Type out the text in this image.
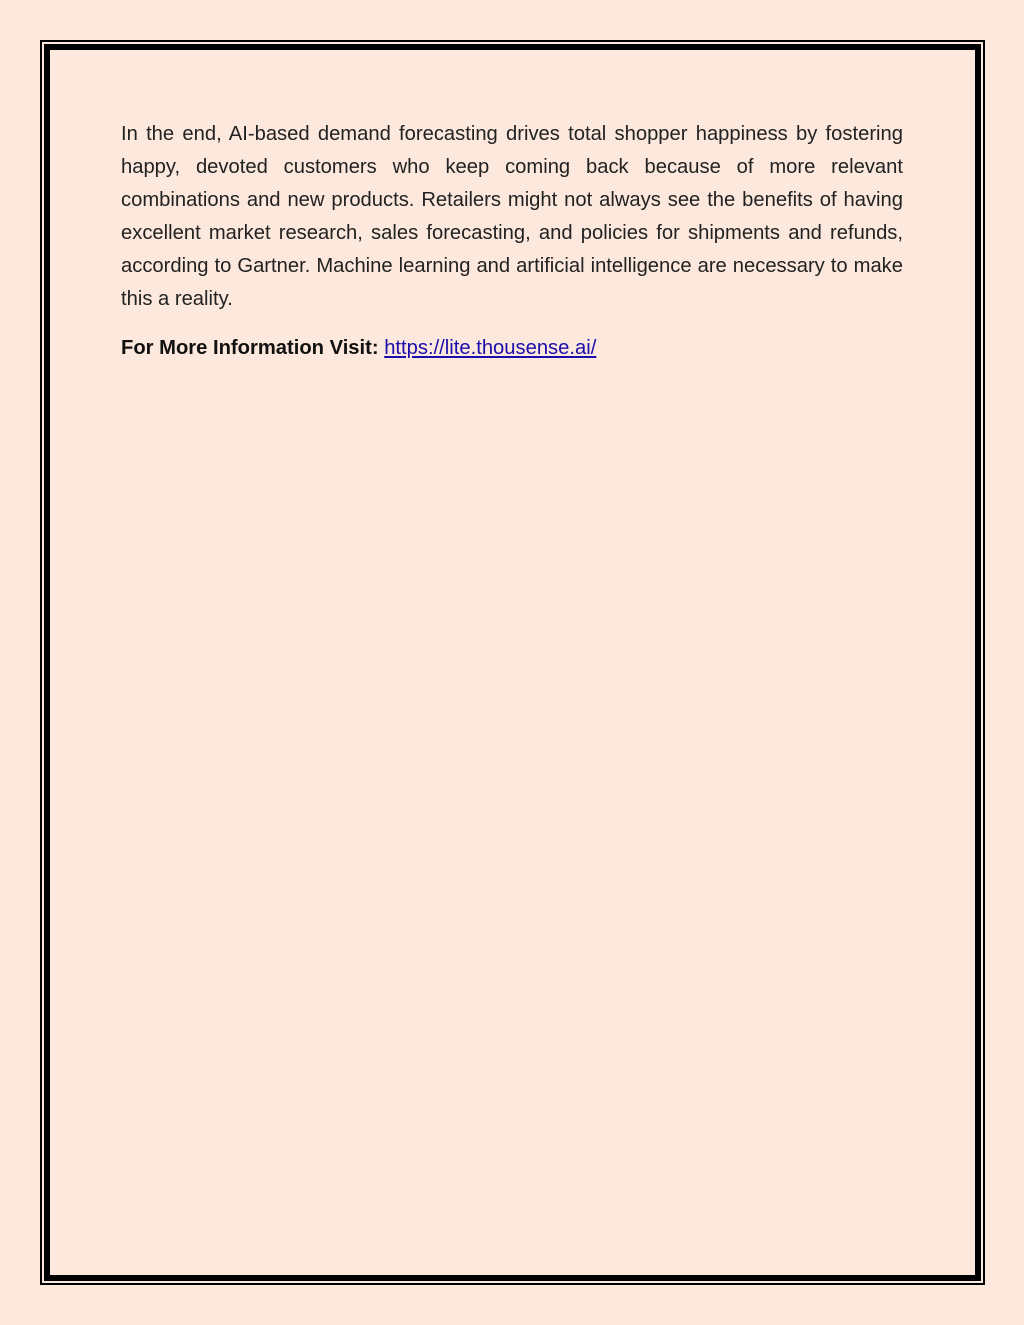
In the end, AI-based demand forecasting drives total shopper happiness by fostering happy, devoted customers who keep coming back because of more relevant combinations and new products. Retailers might not always see the benefits of having excellent market research, sales forecasting, and policies for shipments and refunds, according to Gartner. Machine learning and artificial intelligence are necessary to make this a reality.

For More Information Visit: https://lite.thousense.ai/
